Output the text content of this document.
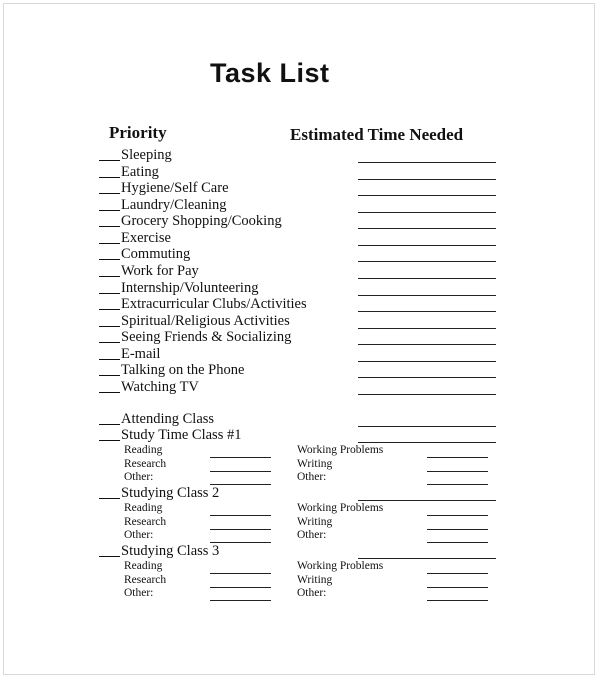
Task List
Priority	Estimated Time Needed
Sleeping
Eating
Hygiene/Self Care
Laundry/Cleaning
Grocery Shopping/Cooking
Exercise
Commuting
Work for Pay
Internship/Volunteering
Extracurricular Clubs/Activities
Spiritual/Religious Activities
Seeing Friends & Socializing
E-mail
Talking on the Phone
Watching TV
Attending Class
Study Time Class #1
Reading	Working Problems
Research	Writing
Other:	Other:
Studying Class 2
Reading	Working Problems
Research	Writing
Other:	Other:
Studying Class 3
Reading	Working Problems
Research	Writing
Other:	Other:
